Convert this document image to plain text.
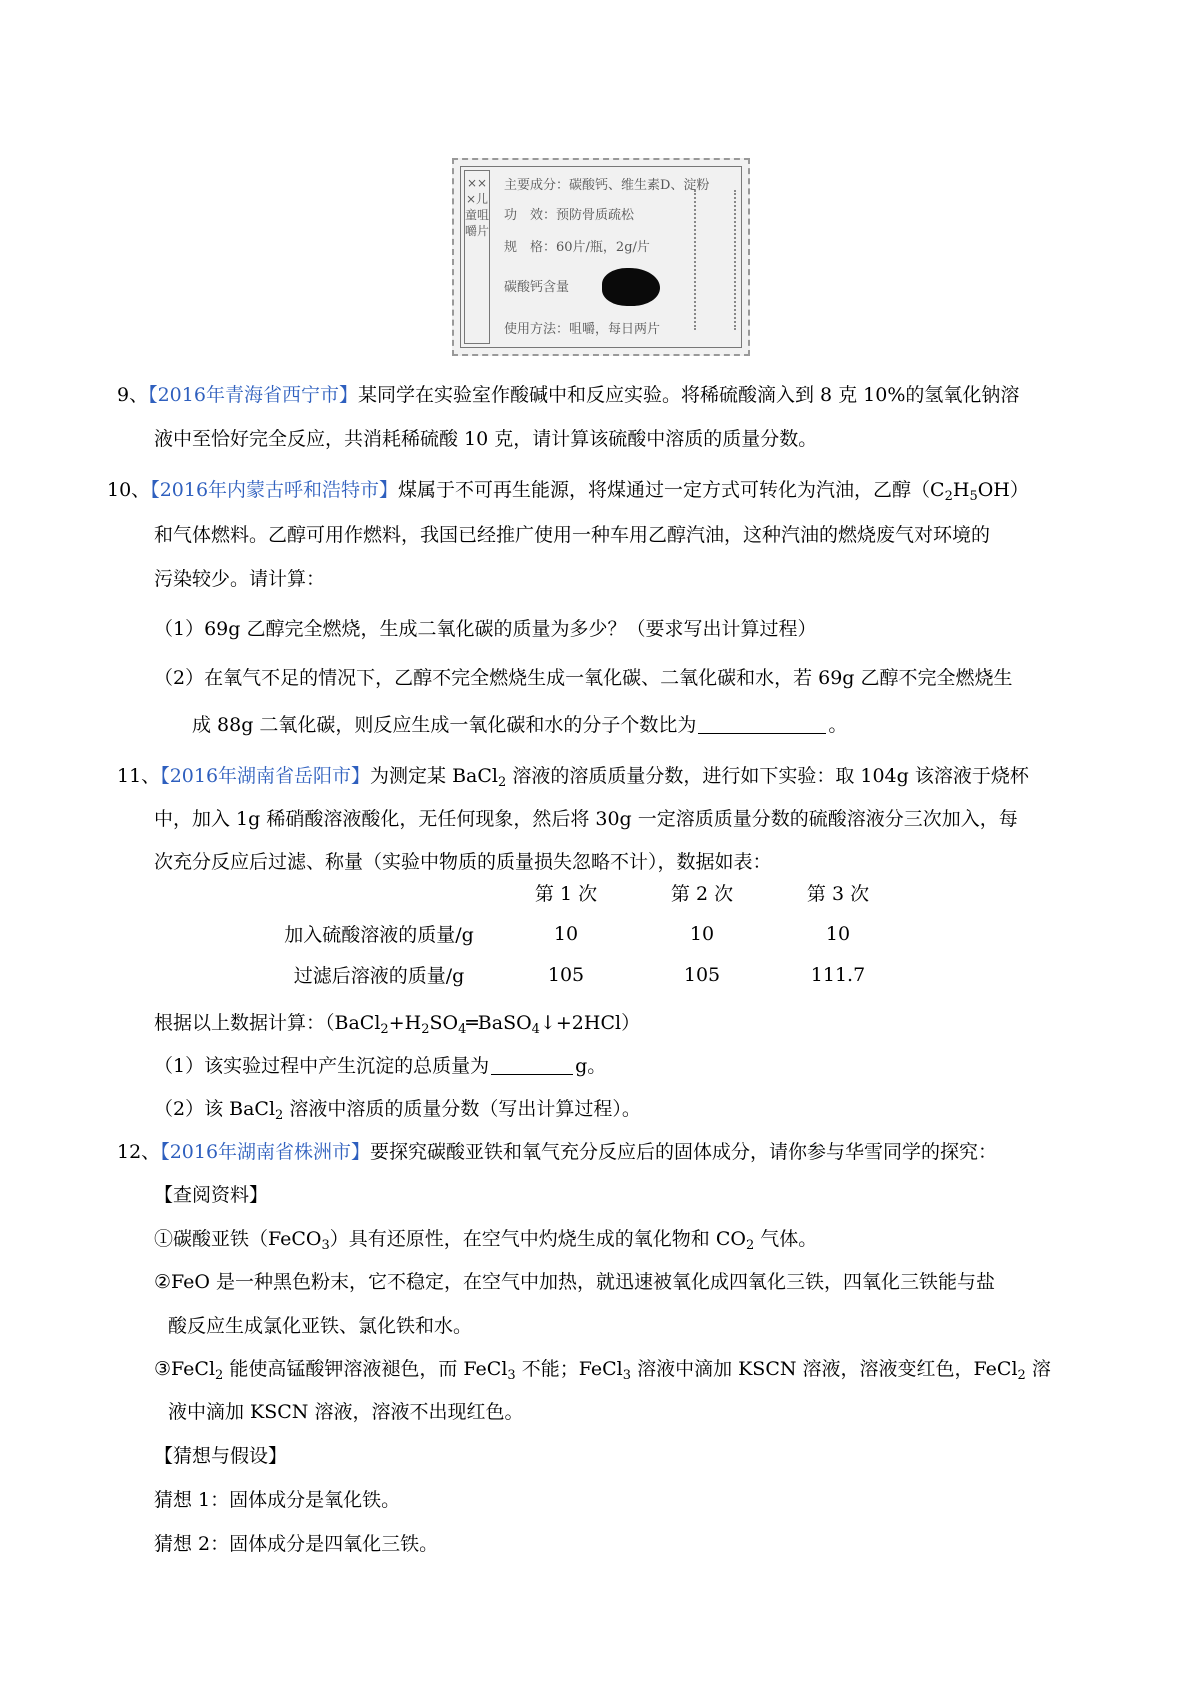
×××儿童咀嚼片
主要成分：碳酸钙、维生素D、淀粉
功　效：预防骨质疏松
规　格：60片/瓶，2g/片
碳酸钙含量
使用方法：咀嚼，每日两片
9、【2016年青海省西宁市】某同学在实验室作酸碱中和反应实验。将稀硫酸滴入到 8 克 10%的氢氧化钠溶
液中至恰好完全反应，共消耗稀硫酸 10 克，请计算该硫酸中溶质的质量分数。
10、【2016年内蒙古呼和浩特市】煤属于不可再生能源，将煤通过一定方式可转化为汽油，乙醇$(C_2H_5OH)$
和气体燃料。乙醇可用作燃料，我国已经推广使用一种车用乙醇汽油，这种汽油的燃烧废气对环境的
污染较少。请计算：
（1）69g 乙醇完全燃烧，生成二氧化碳的质量为多少？（要求写出计算过程）
（2）在氧气不足的情况下，乙醇不完全燃烧生成一氧化碳、二氧化碳和水，若 69g 乙醇不完全燃烧生
成 88g 二氧化碳，则反应生成一氧化碳和水的分子个数比为	。
11、【2016年湖南省岳阳市】为测定某 BaCl$_2$ 溶液的溶质质量分数，进行如下实验：取 104g 该溶液于烧杯
中，加入 1g 稀硝酸溶液酸化，无任何现象，然后将 30g 一定溶质质量分数的硫酸溶液分三次加入，每
次充分反应后过滤、称量（实验中物质的质量损失忽略不计），数据如表：
	第 1 次	第 2 次	第 3 次
加入硫酸溶液的质量/g	10	10	10
过滤后溶液的质量/g	105	105	111.7
根据以上数据计算：$(BaCl_2+H_2SO_4═BaSO_4↓+2HCl)$
（1）该实验过程中产生沉淀的总质量为	g。
（2）该 BaCl$_2$ 溶液中溶质的质量分数（写出计算过程）。
12、【2016年湖南省株洲市】要探究碳酸亚铁和氧气充分反应后的固体成分，请你参与华雪同学的探究：
【查阅资料】
①碳酸亚铁（FeCO$_3$）具有还原性，在空气中灼烧生成的氧化物和 $CO_2$ 气体。
②FeO 是一种黑色粉末，它不稳定，在空气中加热，就迅速被氧化成四氧化三铁，四氧化三铁能与盐
酸反应生成氯化亚铁、氯化铁和水。
③FeCl$_2$ 能使高锰酸钾溶液褪色，而 FeCl$_3$ 不能；FeCl$_3$ 溶液中滴加 KSCN 溶液，溶液变红色，FeCl$_2$ 溶
液中滴加 KSCN 溶液，溶液不出现红色。
【猜想与假设】
猜想 1：固体成分是氧化铁。
猜想 2：固体成分是四氧化三铁。
